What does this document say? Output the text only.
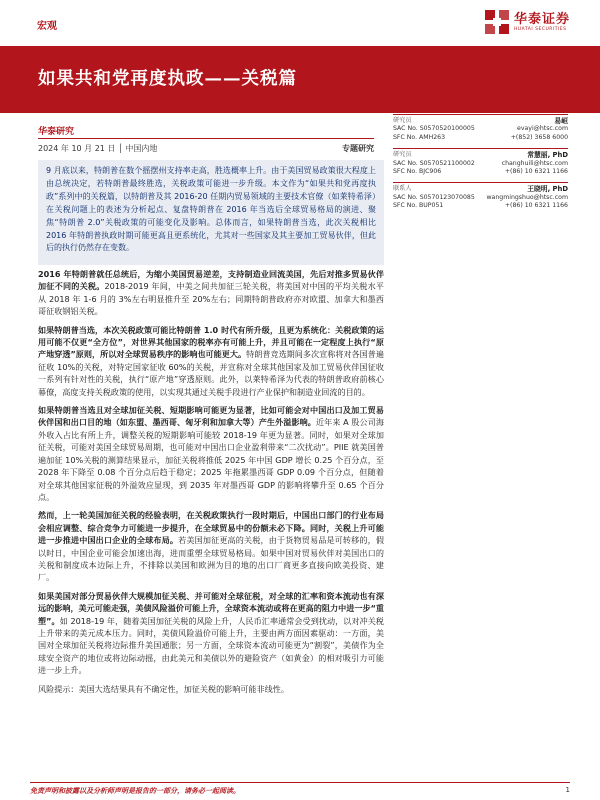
宏观	华泰证券
HUATAI SECURITIES
如果共和党再度执政——关税篇
华泰研究
2024 年 10 月 21 日 │ 中国内地	专题研究

9 月底以来，特朗普在数个摇摆州支持率走高，胜选概率上升。由于美国贸易政策很大程度上由总统决定，若特朗普最终胜选，关税政策可能进一步升级。本文作为“如果共和党再度执政”系列中的关税篇，以特朗普及其 2016-20 任期内贸易领域的主要技术官僚（如莱特希泽）在关税问题上的表述为分析起点、复盘特朗普在 2016 年当选后全球贸易格局的演进、聚焦“特朗普 2.0”关税政策的可能变化及影响。总体而言，如果特朗普当选，此次关税相比 2016 年特朗普执政时期可能更高且更系统化，尤其对一些国家及其主要加工贸易伙伴，但此后的执行仍然存在变数。

2016 年特朗普就任总统后，为缩小美国贸易逆差，支持制造业回流美国，先后对推多贸易伙伴加征不同的关税。2018-2019 年间，中美之间共加征三轮关税，将美国对中国的平均关税水平从 2018 年 1-6 月的 3%左右明显推升至 20%左右；同期特朗普政府亦对欧盟、加拿大和墨西哥征收钢铝关税。

如果特朗普当选，本次关税政策可能比特朗普 1.0 时代有所升级，且更为系统化：关税政策的运用可能不仅更“全方位”，对世界其他国家的税率亦有可能上升，并且可能在一定程度上执行“原产地穿透”原则，所以对全球贸易秩序的影响也可能更大。特朗普竞选期间多次宣称将对各国普遍征收 10%的关税，对特定国家征收 60%的关税，并宣称对全球其他国家及加工贸易伙伴国征收一系列有针对性的关税，执行“原产地”穿透原则。此外，以莱特希泽为代表的特朗普政府前核心幕僚，高度支持关税政策的使用，以实现其通过关税手段进行产业保护和制造业回流的目的。

如果特朗普当选且对全球加征关税、短期影响可能更为显著，比如可能会对中国出口及加工贸易伙伴国和出口目的地（如东盟、墨西哥、匈牙利和加拿大等）产生外溢影响。近年来 A 股公司海外收入占比有所上升，调整关税的短期影响可能较 2018-19 年更为显著。同时，如果对全球加征关税，可能对美国全球贸易周期，也可能对中国出口企业盈利带来“二次扰动”。PIIE 就美国普遍加征 10%关税的测算结果显示，加征关税将推低 2025 年中国 GDP 增长 0.25 个百分点，至 2028 年下降至 0.08 个百分点后趋于稳定；2025 年拖累墨西哥 GDP 0.09 个百分点，但随着对全球其他国家征税的外溢效应显现，到 2035 年对墨西哥 GDP 的影响将攀升至 0.65 个百分点。

然而，上一轮美国加征关税的经验表明，在关税政策执行一段时期后，中国出口部门的行业布局会相应调整、综合竞争力可能进一步提升，在全球贸易中的份额未必下降。同时，关税上升可能进一步推进中国出口企业的全球布局。若美国加征更高的关税，由于货物贸易品是可转移的，假以时日，中国企业可能会加速出海，进而重塑全球贸易格局。如果中国对贸易伙伴对美国出口的关税和制度成本边际上升，不排除以美国和欧洲为目的地的出口厂商更多直接向欧美投资、建厂。

如果美国对部分贸易伙伴大规模加征关税、并可能对全球征税，对全球的汇率和资本流动也有深远的影响，美元可能走强，美债风险溢价可能上升，全球资本流动或将在更高的阻力中进一步“重塑”。如 2018-19 年，随着美国加征关税的风险上升，人民币汇率通常会受到扰动，以对冲关税上升带来的美元成本压力。同时，美债风险溢价可能上升，主要由两方面因素驱动：一方面，美国对全球加征关税将边际推升美国通胀；另一方面，全球资本流动可能更为“割裂”，美债作为全球安全资产的地位或将边际动摇，由此美元和美债以外的避险资产（如黄金）的相对吸引力可能进一步上升。

风险提示：美国大选结果具有不确定性，加征关税的影响可能非线性。

研究员	易峘
SAC No. S0570520100005	evayi@htsc.com
SFC No. AMH263	+(852) 3658 6000
研究员	常慧丽, PhD
SAC No. S0570521100002	changhuili@htsc.com
SFC No. BJC906	+(86) 10 6321 1166
联系人	王晓明, PhD
SAC No. S0570123070085 wangmingshuo@htsc.com
SFC No. BUP051	+(86) 10 6321 1166
免责声明和披露以及分析师声明是报告的一部分，请务必一起阅读。	1
